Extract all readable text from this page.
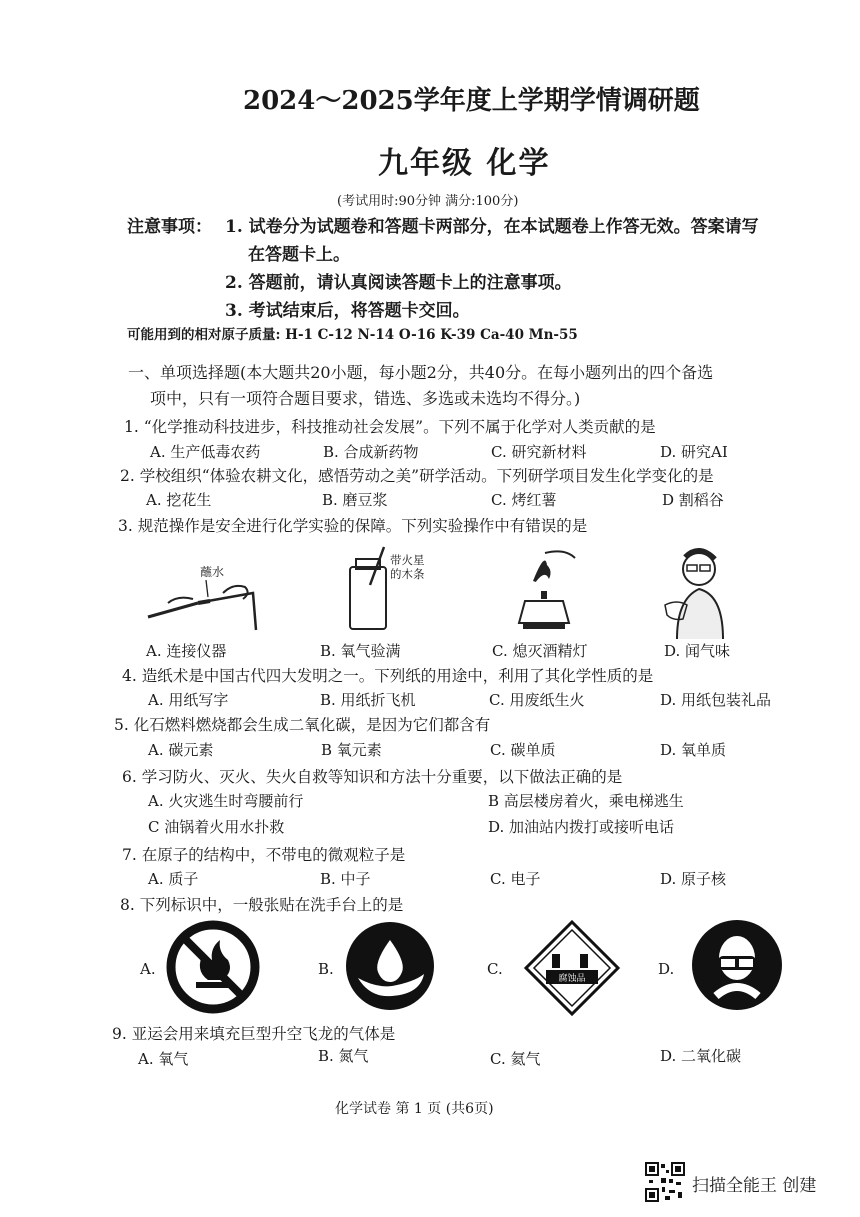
2024～2025学年度上学期学情调研题
九年级 化学
(考试用时:90分钟 满分:100分)
注意事项： 1. 试卷分为试题卷和答题卡两部分，在本试题卷上作答无效。答案请写
在答题卡上。
2. 答题前，请认真阅读答题卡上的注意事项。
3. 考试结束后，将答题卡交回。
可能用到的相对原子质量: H-1 C-12 N-14 O-16 K-39 Ca-40 Mn-55
一、单项选择题(本大题共20小题，每小题2分，共40分。在每小题列出的四个备选
项中，只有一项符合题目要求，错选、多选或未选均不得分。)
1. “化学推动科技进步，科技推动社会发展”。下列不属于化学对人类贡献的是
A. 生产低毒农药	B. 合成新药物	C. 研究新材料	D. 研究AI
2. 学校组织“体验农耕文化，感悟劳动之美”研学活动。下列研学项目发生化学变化的是
A. 挖花生	B. 磨豆浆	C. 烤红薯	D 割稻谷
3. 规范操作是安全进行化学实验的保障。下列实验操作中有错误的是
蘸水
带火星
的木条
A. 连接仪器	B. 氧气验满	C. 熄灭酒精灯	D. 闻气味
4. 造纸术是中国古代四大发明之一。下列纸的用途中，利用了其化学性质的是
A. 用纸写字	B. 用纸折飞机	C. 用废纸生火	D. 用纸包装礼品
5. 化石燃料燃烧都会生成二氧化碳，是因为它们都含有
A. 碳元素	B 氧元素	C. 碳单质	D. 氧单质
6. 学习防火、灭火、失火自救等知识和方法十分重要，以下做法正确的是
A. 火灾逃生时弯腰前行	B 高层楼房着火，乘电梯逃生
C 油锅着火用水扑救	D. 加油站内拨打或接听电话
7. 在原子的结构中，不带电的微观粒子是
A. 质子	B. 中子	C. 电子	D. 原子核
8. 下列标识中，一般张贴在洗手台上的是
A.	B.	C.
腐蚀品
D.
9. 亚运会用来填充巨型升空飞龙的气体是
A. 氧气	B. 氮气	C. 氦气	D. 二氧化碳
化学试卷 第 1 页 (共6页)
扫描全能王 创建
